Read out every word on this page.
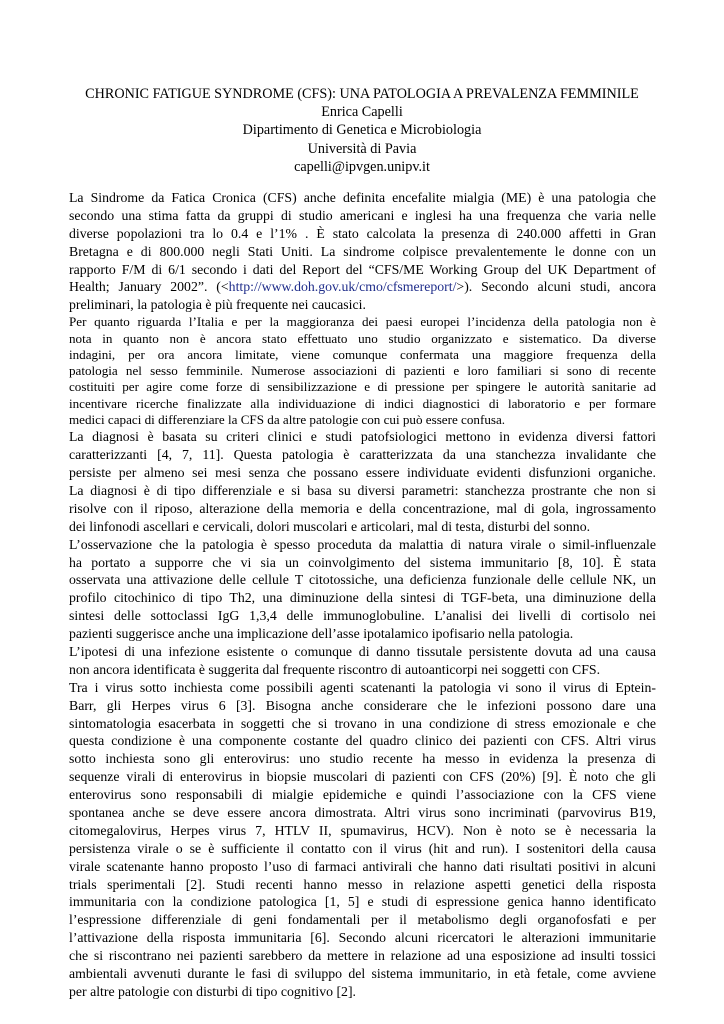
CHRONIC FATIGUE SYNDROME (CFS): UNA PATOLOGIA A PREVALENZA FEMMINILE
Enrica Capelli
Dipartimento di Genetica e Microbiologia
Università di Pavia
capelli@ipvgen.unipv.it
La Sindrome da Fatica Cronica (CFS) anche definita encefalite mialgia (ME) è una patologia che
secondo una stima fatta da gruppi di studio americani e inglesi ha una frequenza che varia nelle
diverse popolazioni tra lo 0.4 e l’1% . È stato calcolata la presenza di 240.000 affetti in Gran
Bretagna e di 800.000 negli Stati Uniti. La sindrome colpisce prevalentemente le donne con un
rapporto F/M di 6/1 secondo i dati del Report del “CFS/ME Working Group del UK Department of
Health; January 2002”. (<http://www.doh.gov.uk/cmo/cfsmereport/>). Secondo alcuni studi, ancora
preliminari, la patologia è più frequente nei caucasici.
Per quanto riguarda l’Italia e per la maggioranza dei paesi europei l’incidenza della patologia non è
nota in quanto non è ancora stato effettuato uno studio organizzato e sistematico. Da diverse
indagini, per ora ancora limitate, viene comunque confermata una maggiore frequenza della
patologia nel sesso femminile. Numerose associazioni di pazienti e loro familiari si sono di recente
costituiti per agire come forze di sensibilizzazione e di pressione per spingere le autorità sanitarie ad
incentivare ricerche finalizzate alla individuazione di indici diagnostici di laboratorio e per formare
medici capaci di differenziare la CFS da altre patologie con cui può essere confusa.
La diagnosi è basata su criteri clinici e studi patofsiologici mettono in evidenza diversi fattori
caratterizzanti [4, 7, 11]. Questa patologia è caratterizzata da una stanchezza invalidante che
persiste per almeno sei mesi senza che possano essere individuate evidenti disfunzioni organiche.
La diagnosi è di tipo differenziale e si basa su diversi parametri: stanchezza prostrante che non si
risolve con il riposo, alterazione della memoria e della concentrazione, mal di gola, ingrossamento
dei linfonodi ascellari e cervicali, dolori muscolari e articolari, mal di testa, disturbi del sonno.
L’osservazione che la patologia è spesso proceduta da malattia di natura virale o simil-influenzale
ha portato a supporre che vi sia un coinvolgimento del sistema immunitario [8, 10]. È stata
osservata una attivazione delle cellule T citotossiche, una deficienza funzionale delle cellule NK, un
profilo citochinico di tipo Th2, una diminuzione della sintesi di TGF-beta, una diminuzione della
sintesi delle sottoclassi IgG 1,3,4 delle immunoglobuline. L’analisi dei livelli di cortisolo nei
pazienti suggerisce anche una implicazione dell’asse ipotalamico ipofisario nella patologia.
L’ipotesi di una infezione esistente o comunque di danno tissutale persistente dovuta ad una causa
non ancora identificata è suggerita dal frequente riscontro di autoanticorpi nei soggetti con CFS.
Tra i virus sotto inchiesta come possibili agenti scatenanti la patologia vi sono il virus di Eptein-
Barr, gli Herpes virus 6 [3]. Bisogna anche considerare che le infezioni possono dare una
sintomatologia esacerbata in soggetti che si trovano in una condizione di stress emozionale e che
questa condizione è una componente costante del quadro clinico dei pazienti con CFS. Altri virus
sotto inchiesta sono gli enterovirus: uno studio recente ha messo in evidenza la presenza di
sequenze virali di enterovirus in biopsie muscolari di pazienti con CFS (20%) [9]. È noto che gli
enterovirus sono responsabili di mialgie epidemiche e quindi l’associazione con la CFS viene
spontanea anche se deve essere ancora dimostrata. Altri virus sono incriminati (parvovirus B19,
citomegalovirus, Herpes virus 7, HTLV II, spumavirus, HCV). Non è noto se è necessaria la
persistenza virale o se è sufficiente il contatto con il virus (hit and run). I sostenitori della causa
virale scatenante hanno proposto l’uso di farmaci antivirali che hanno dati risultati positivi in alcuni
trials sperimentali [2]. Studi recenti hanno messo in relazione aspetti genetici della risposta
immunitaria con la condizione patologica [1, 5] e studi di espressione genica hanno identificato
l’espressione differenziale di geni fondamentali per il metabolismo degli organofosfati e per
l’attivazione della risposta immunitaria [6]. Secondo alcuni ricercatori le alterazioni immunitarie
che si riscontrano nei pazienti sarebbero da mettere in relazione ad una esposizione ad insulti tossici
ambientali avvenuti durante le fasi di sviluppo del sistema immunitario, in età fetale, come avviene
per altre patologie con disturbi di tipo cognitivo [2].
